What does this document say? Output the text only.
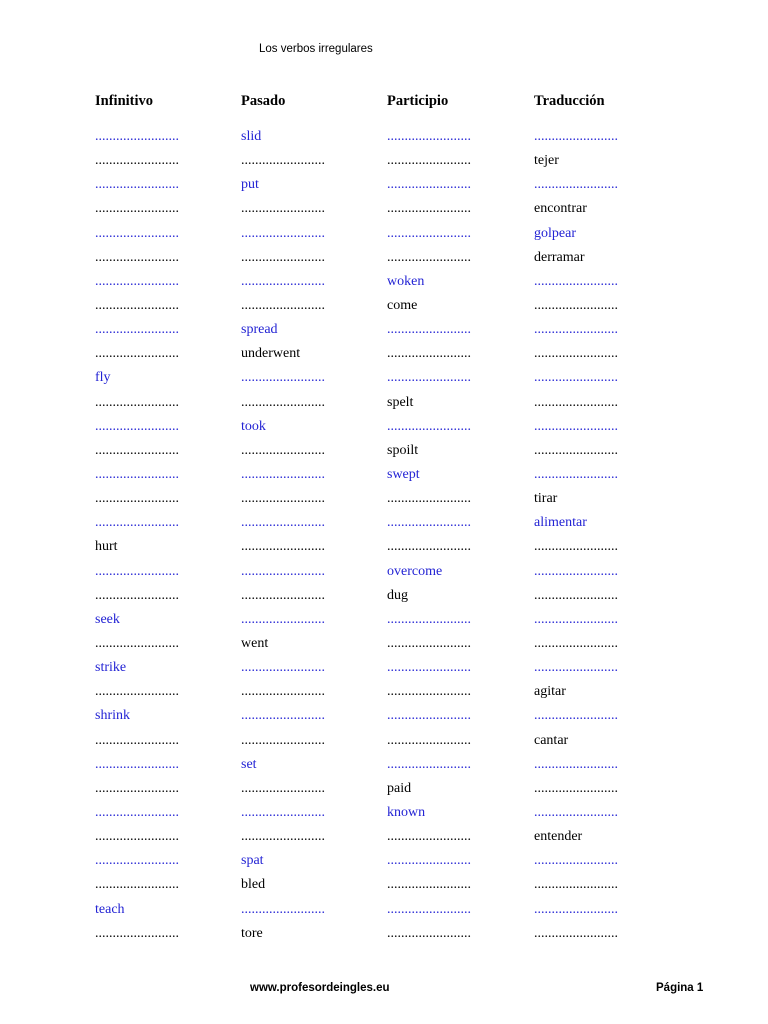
Los verbos irregulares
Infinitivo	Pasado	Participio	Traducción
........................	slid	........................	........................
........................	........................	........................	tejer
........................	put	........................	........................
........................	........................	........................	encontrar
........................	........................	........................	golpear
........................	........................	........................	derramar
........................	........................	woken	........................
........................	........................	come	........................
........................	spread	........................	........................
........................	underwent	........................	........................
fly	........................	........................	........................
........................	........................	spelt	........................
........................	took	........................	........................
........................	........................	spoilt	........................
........................	........................	swept	........................
........................	........................	........................	tirar
........................	........................	........................	alimentar
hurt	........................	........................	........................
........................	........................	overcome	........................
........................	........................	dug	........................
seek	........................	........................	........................
........................	went	........................	........................
strike	........................	........................	........................
........................	........................	........................	agitar
shrink	........................	........................	........................
........................	........................	........................	cantar
........................	set	........................	........................
........................	........................	paid	........................
........................	........................	known	........................
........................	........................	........................	entender
........................	spat	........................	........................
........................	bled	........................	........................
teach	........................	........................	........................
........................	tore	........................	........................
www.profesordeingles.eu	Página 1
